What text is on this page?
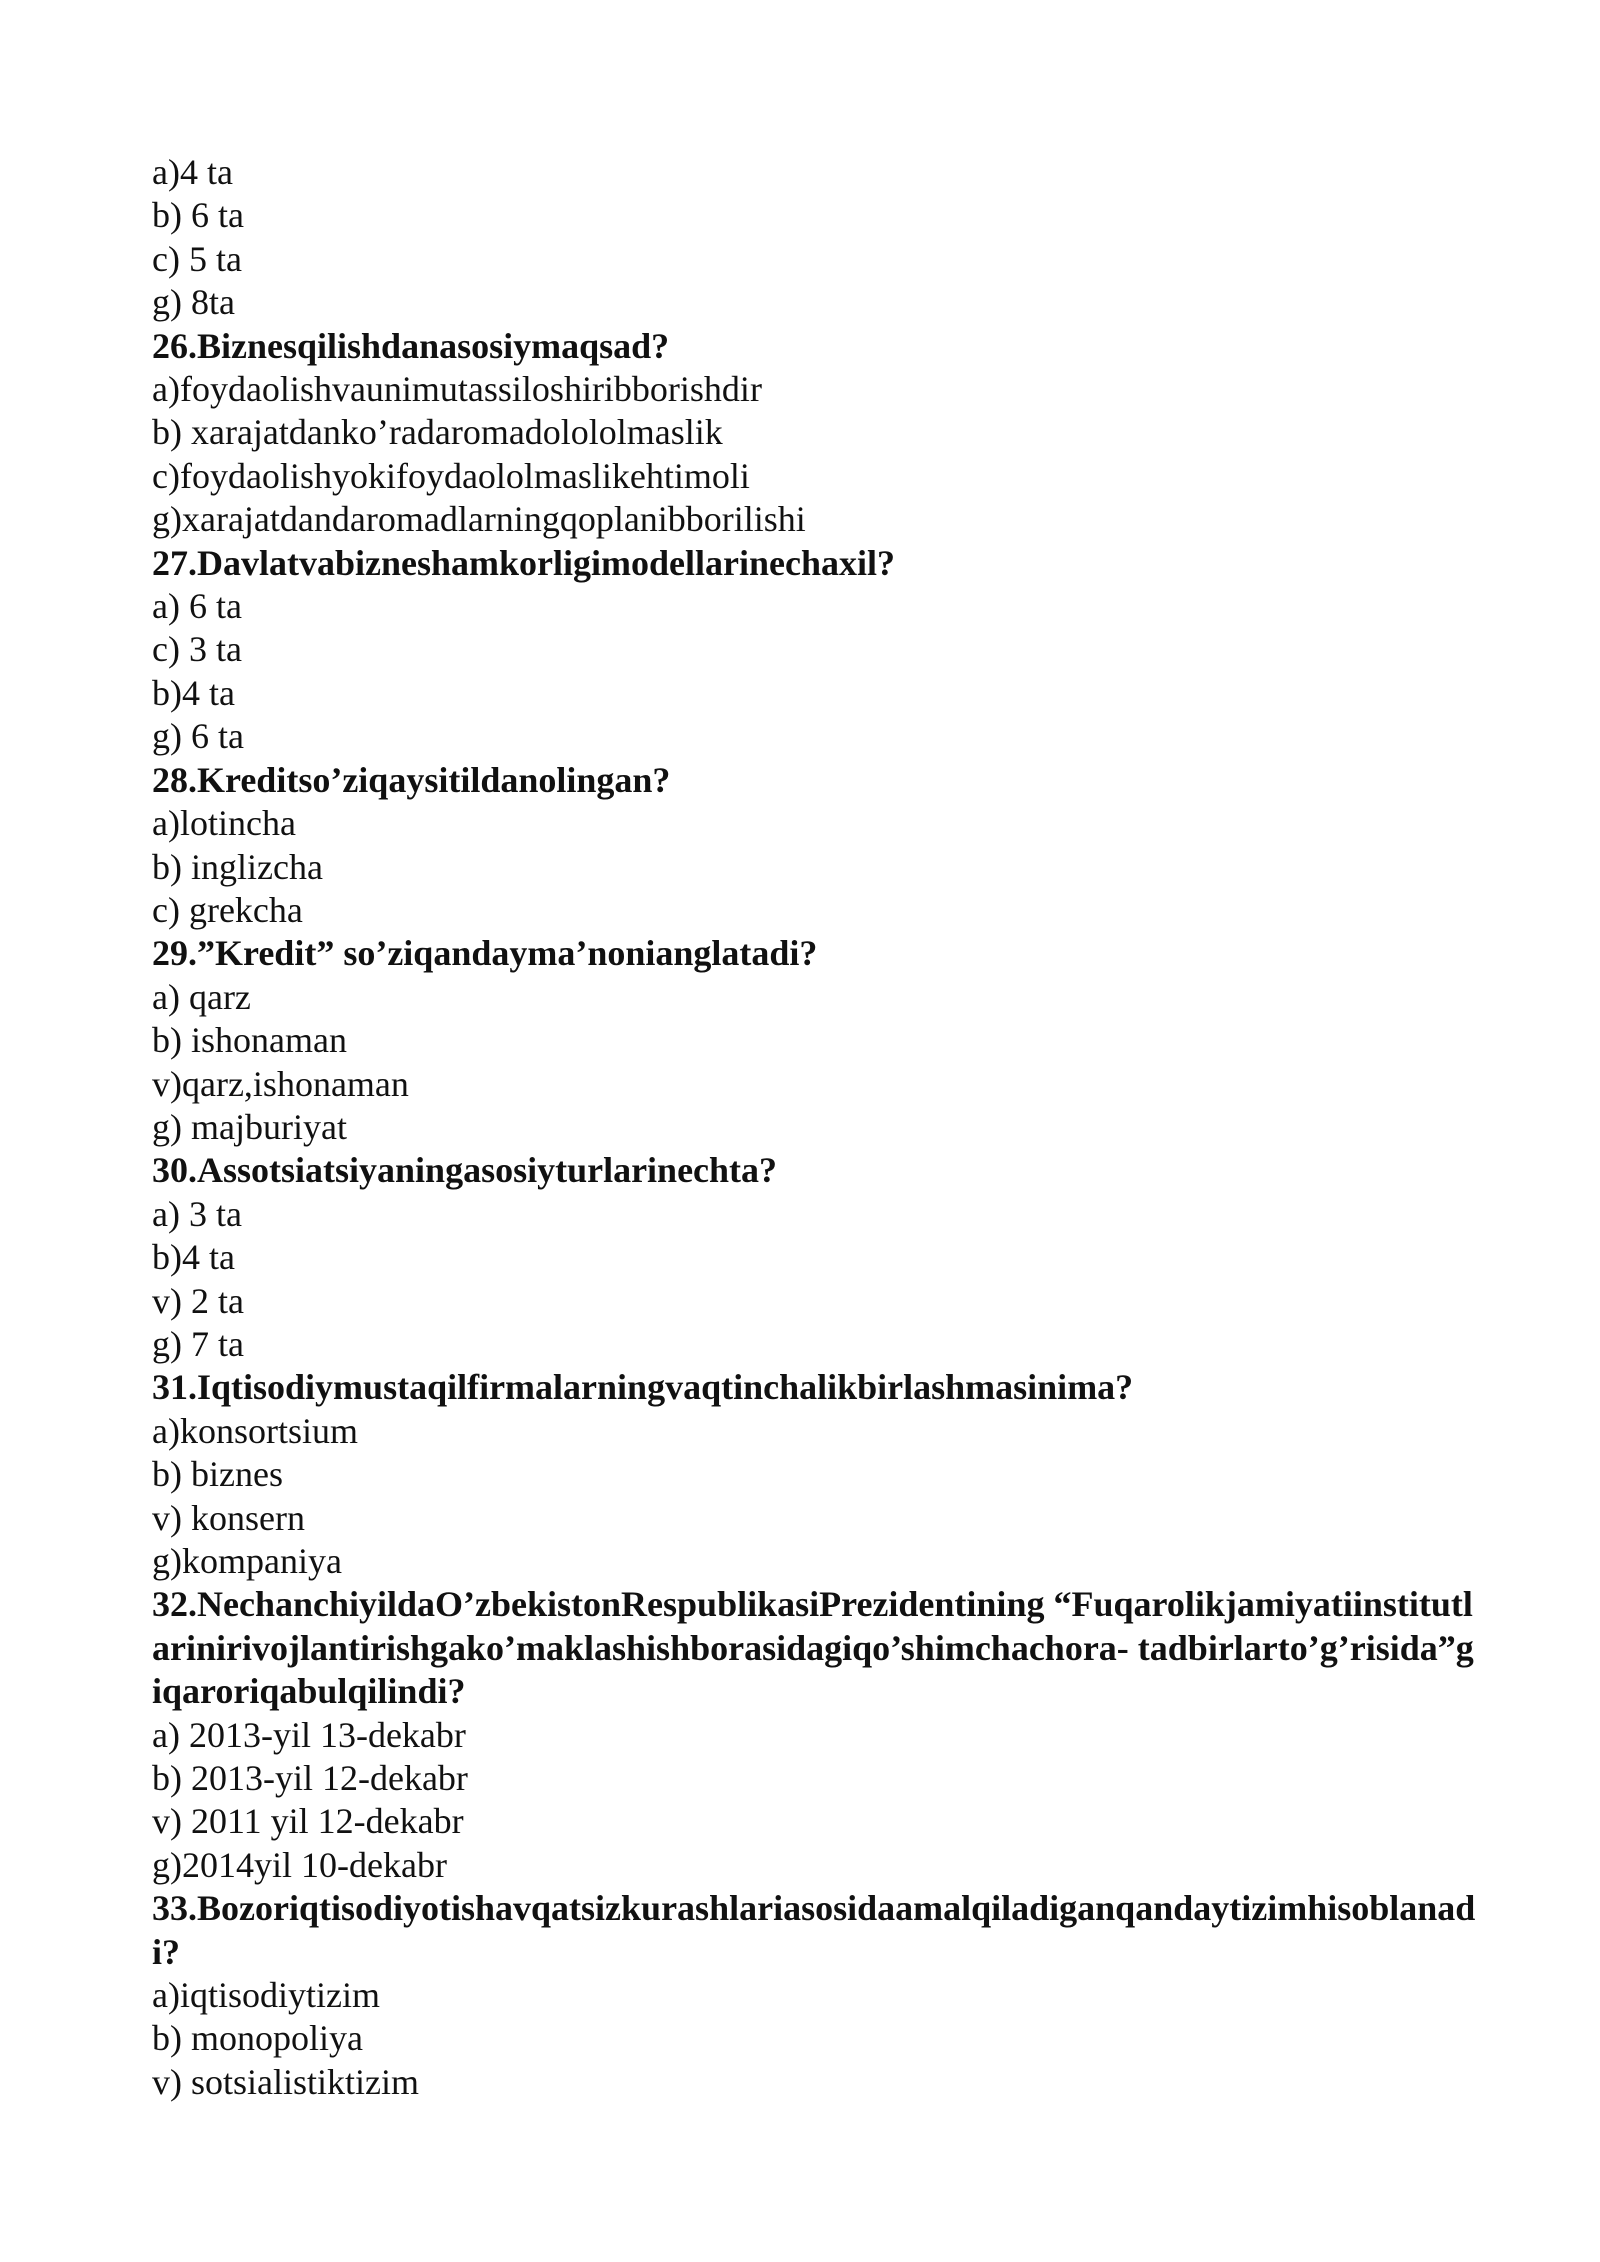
a)4 ta
b) 6 ta
c) 5 ta
g) 8ta
26.Biznesqilishdanasosiymaqsad?
a)foydaolishvaunimutassiloshiribborishdir
b) xarajatdanko’radaromadolololmaslik
c)foydaolishyokifoydaololmaslikehtimoli
g)xarajatdandaromadlarningqoplanibborilishi
27.Davlatvabizneshamkorligimodellarinechaxil?
a) 6 ta
c) 3 ta
b)4 ta
g) 6 ta
28.Kreditso’ziqaysitildanolingan?
a)lotincha
b) inglizcha
c) grekcha
29.”Kredit” so’ziqandayma’nonianglatadi?
a) qarz
b) ishonaman
v)qarz,ishonaman
g) majburiyat
30.Assotsiatsiyaningasosiyturlarinechta?
a) 3 ta
b)4 ta
v) 2 ta
g) 7 ta
31.Iqtisodiymustaqilfirmalarningvaqtinchalikbirlashmasinima?
a)konsortsium
b) biznes
v) konsern
g)kompaniya
32.NechanchiyildaO’zbekistonRespublikasiPrezidentining “Fuqarolikjamiyatiinstitutlarinirivojlantirishgako’maklashishborasidagiqo’shimchachora- tadbirlarto’g’risida”giqaroriqabulqilindi?
a) 2013-yil 13-dekabr
b) 2013-yil 12-dekabr
v) 2011 yil 12-dekabr
g)2014yil 10-dekabr
33.Bozoriqtisodiyotishavqatsizkurashlariasosidaamalqiladiganqandaytizimhisoblanadi?
a)iqtisodiytizim
b) monopoliya
v) sotsialistiktizim
